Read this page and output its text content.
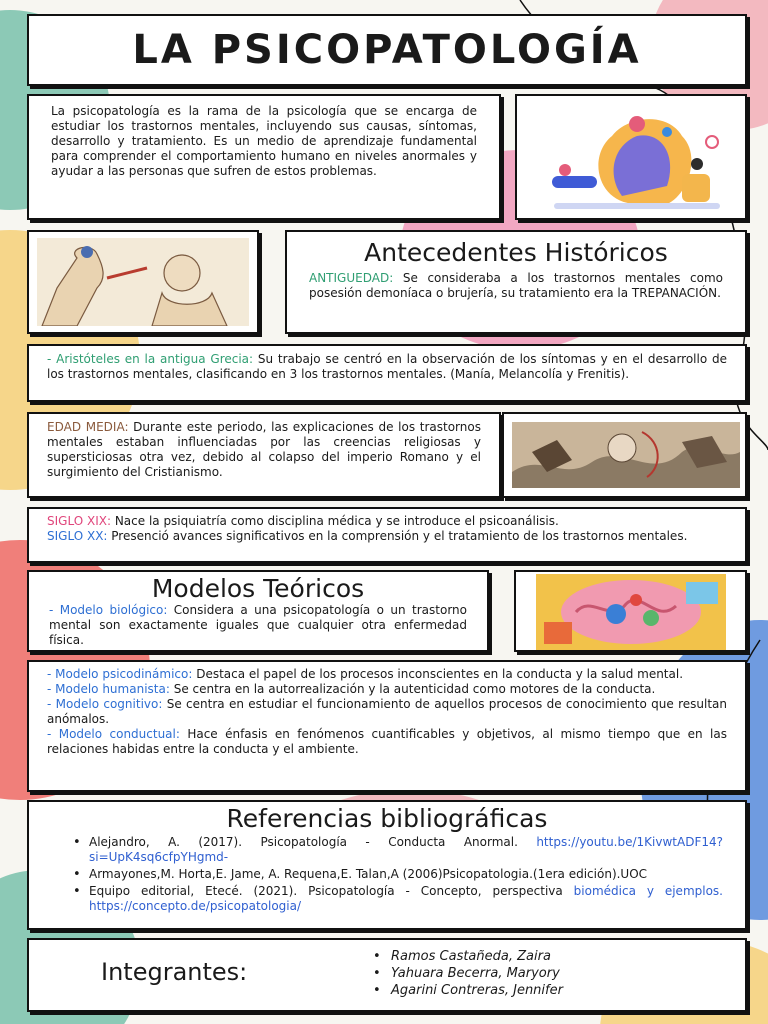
LA PSICOPATOLOGÍA

La psicopatología es la rama de la psicología que se encarga de estudiar los trastornos mentales, incluyendo sus causas, síntomas, desarrollo y tratamiento. Es un medio de aprendizaje fundamental para comprender el comportamiento humano en niveles anormales y ayudar a las personas que sufren de estos problemas.

Antecedentes Históricos

ANTIGUEDAD: Se consideraba a los trastornos mentales como posesión demoníaca o brujería, su tratamiento era la TREPANACIÓN.

- Aristóteles en la antigua Grecia: Su trabajo se centró en la observación de los síntomas y en el desarrollo de los trastornos mentales, clasificando en 3 los trastornos mentales. (Manía, Melancolía y Frenitis).

EDAD MEDIA: Durante este periodo, las explicaciones de los trastornos mentales estaban influenciadas por las creencias religiosas y supersticiosas otra vez, debido al colapso del imperio Romano y el surgimiento del Cristianismo.

SIGLO XIX: Nace la psiquiatría como disciplina médica y se introduce el psicoanálisis.

SIGLO XX: Presenció avances significativos en la comprensión y el tratamiento de los trastornos mentales.

Modelos Teóricos

- Modelo biológico: Considera a una psicopatología o un trastorno mental son exactamente iguales que cualquier otra enfermedad física.

- Modelo psicodinámico: Destaca el papel de los procesos inconscientes en la conducta y la salud mental.

- Modelo humanista: Se centra en la autorrealización y la autenticidad como motores de la conducta.

- Modelo cognitivo: Se centra en estudiar el funcionamiento de aquellos procesos de conocimiento que resultan anómalos.

- Modelo conductual: Hace énfasis en fenómenos cuantificables y objetivos, al mismo tiempo que en las relaciones habidas entre la conducta y el ambiente.

Referencias bibliográficas
• Alejandro, A. (2017). Psicopatología - Conducta Anormal. https://youtu.be/1KivwtADF14?si=UpK4sq6cfpYHgmd-
• Armayones,M. Horta,E. Jame, A. Requena,E. Talan,A (2006)Psicopatologia.(1era edición).UOC
• Equipo editorial, Etecé. (2021). Psicopatología - Concepto, perspectiva biomédica y ejemplos. https://concepto.de/psicopatologia/
Integrantes:
• Ramos Castañeda, Zaira
• Yahuara Becerra, Maryory
• Agarini Contreras, Jennifer
